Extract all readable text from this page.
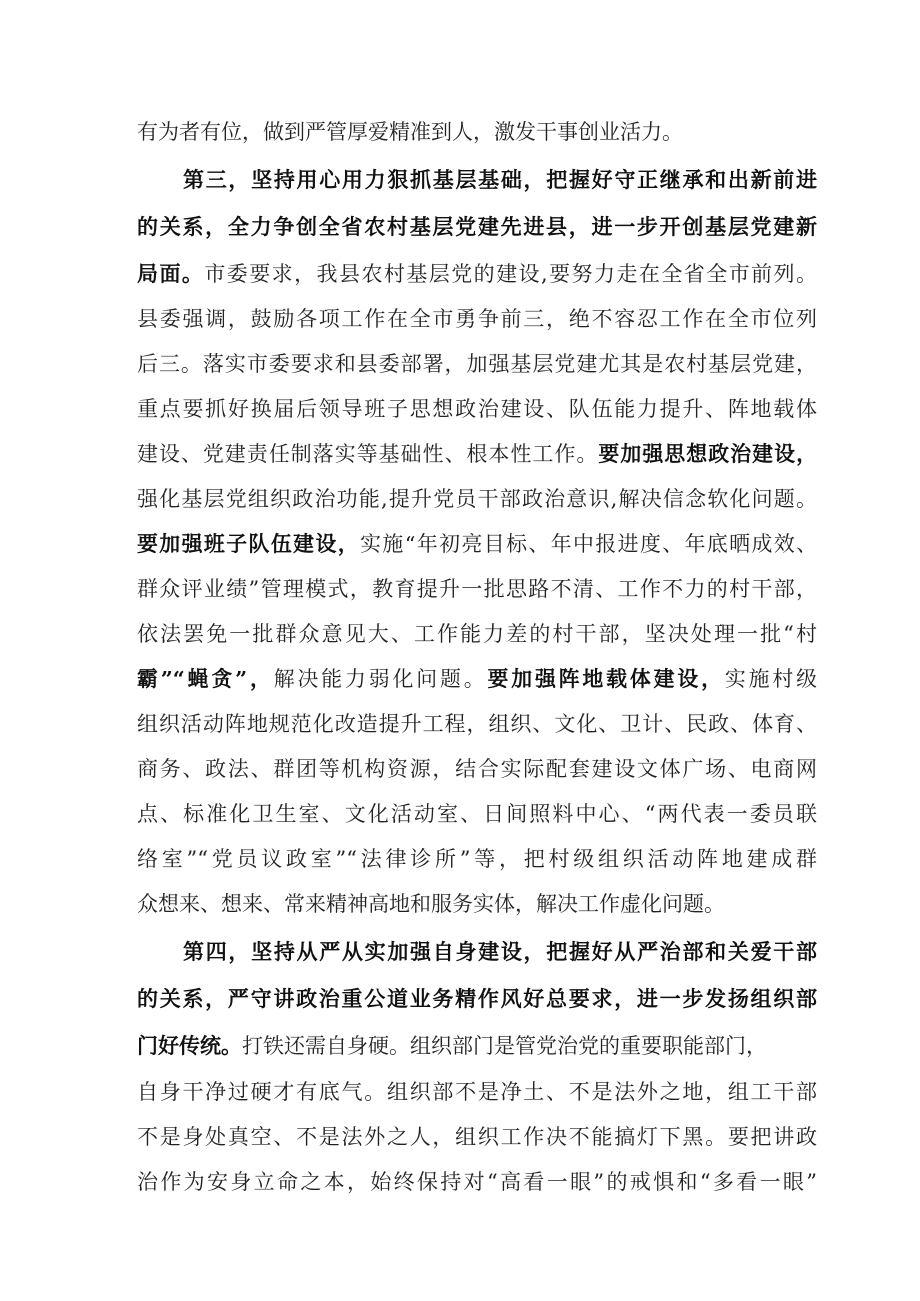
有为者有位，做到严管厚爱精准到人，激发干事创业活力。
第三，坚持用心用力狠抓基层基础，把握好守正继承和出新前进
的关系，全力争创全省农村基层党建先进县，进一步开创基层党建新
局面。市委要求，我县农村基层党的建设,要努力走在全省全市前列。
县委强调，鼓励各项工作在全市勇争前三，绝不容忍工作在全市位列
后三。落实市委要求和县委部署，加强基层党建尤其是农村基层党建，
重点要抓好换届后领导班子思想政治建设、队伍能力提升、阵地载体
建设、党建责任制落实等基础性、根本性工作。要加强思想政治建设，
强化基层党组织政治功能,提升党员干部政治意识,解决信念软化问题。
要加强班子队伍建设，实施“年初亮目标、年中报进度、年底晒成效、
群众评业绩”管理模式，教育提升一批思路不清、工作不力的村干部，
依法罢免一批群众意见大、工作能力差的村干部，坚决处理一批“村
霸”“蝇贪”，解决能力弱化问题。要加强阵地载体建设，实施村级
组织活动阵地规范化改造提升工程，组织、文化、卫计、民政、体育、
商务、政法、群团等机构资源，结合实际配套建设文体广场、电商网
点、标准化卫生室、文化活动室、日间照料中心、“两代表一委员联
络室”“党员议政室”“法律诊所”等，把村级组织活动阵地建成群
众想来、想来、常来精神高地和服务实体，解决工作虚化问题。
第四，坚持从严从实加强自身建设，把握好从严治部和关爱干部
的关系，严守讲政治重公道业务精作风好总要求，进一步发扬组织部
门好传统。打铁还需自身硬。组织部门是管党治党的重要职能部门，
自身干净过硬才有底气。组织部不是净土、不是法外之地，组工干部
不是身处真空、不是法外之人，组织工作决不能搞灯下黑。要把讲政
治作为安身立命之本，始终保持对“高看一眼”的戒惧和“多看一眼”
